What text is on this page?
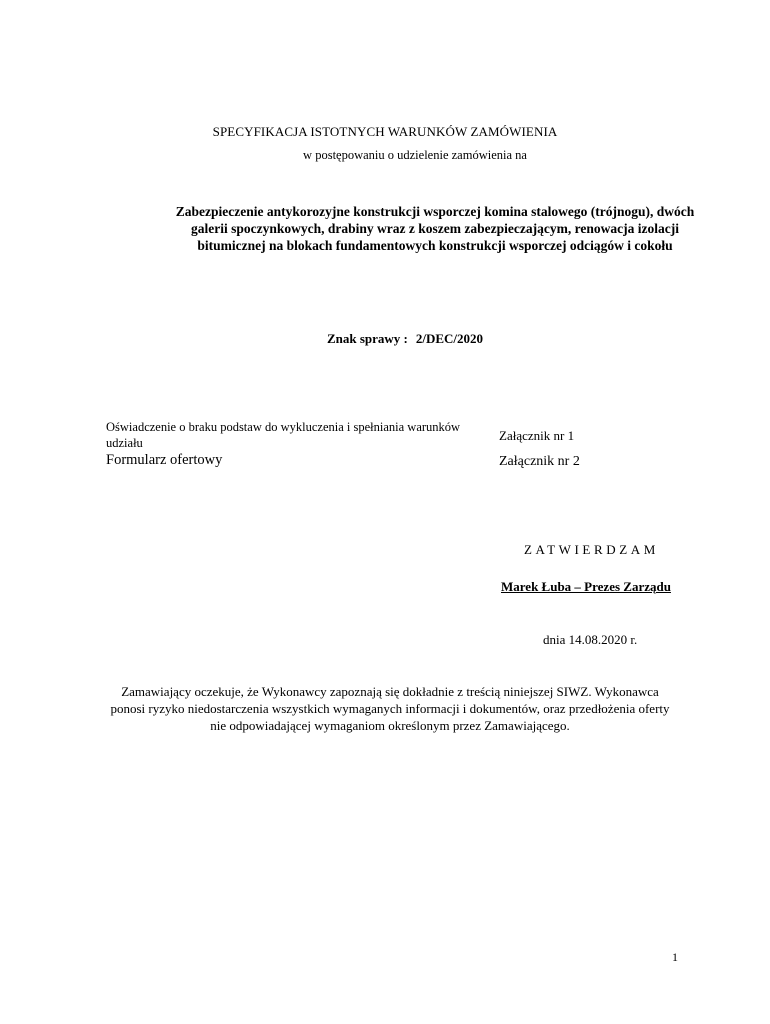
SPECYFIKACJA ISTOTNYCH WARUNKÓW ZAMÓWIENIA
w postępowaniu o udzielenie zamówienia na
Zabezpieczenie antykorozyjne konstrukcji wsporczej komina stalowego (trójnogu), dwóch galerii spoczynkowych, drabiny wraz z koszem zabezpieczającym, renowacja izolacji bitumicznej na blokach fundamentowych konstrukcji wsporczej odciągów i cokołu
Znak sprawy : 2/DEC/2020
Oświadczenie o braku podstaw do wykluczenia i spełniania warunków udziału	Załącznik nr 1
Formularz ofertowy	Załącznik nr 2
ZATWIERDZAM
Marek Łuba – Prezes Zarządu
dnia 14.08.2020 r.
Zamawiający oczekuje, że Wykonawcy zapoznają się dokładnie z treścią niniejszej SIWZ. Wykonawca ponosi ryzyko niedostarczenia wszystkich wymaganych informacji i dokumentów, oraz przedłożenia oferty nie odpowiadającej wymaganiom określonym przez Zamawiającego.
1
